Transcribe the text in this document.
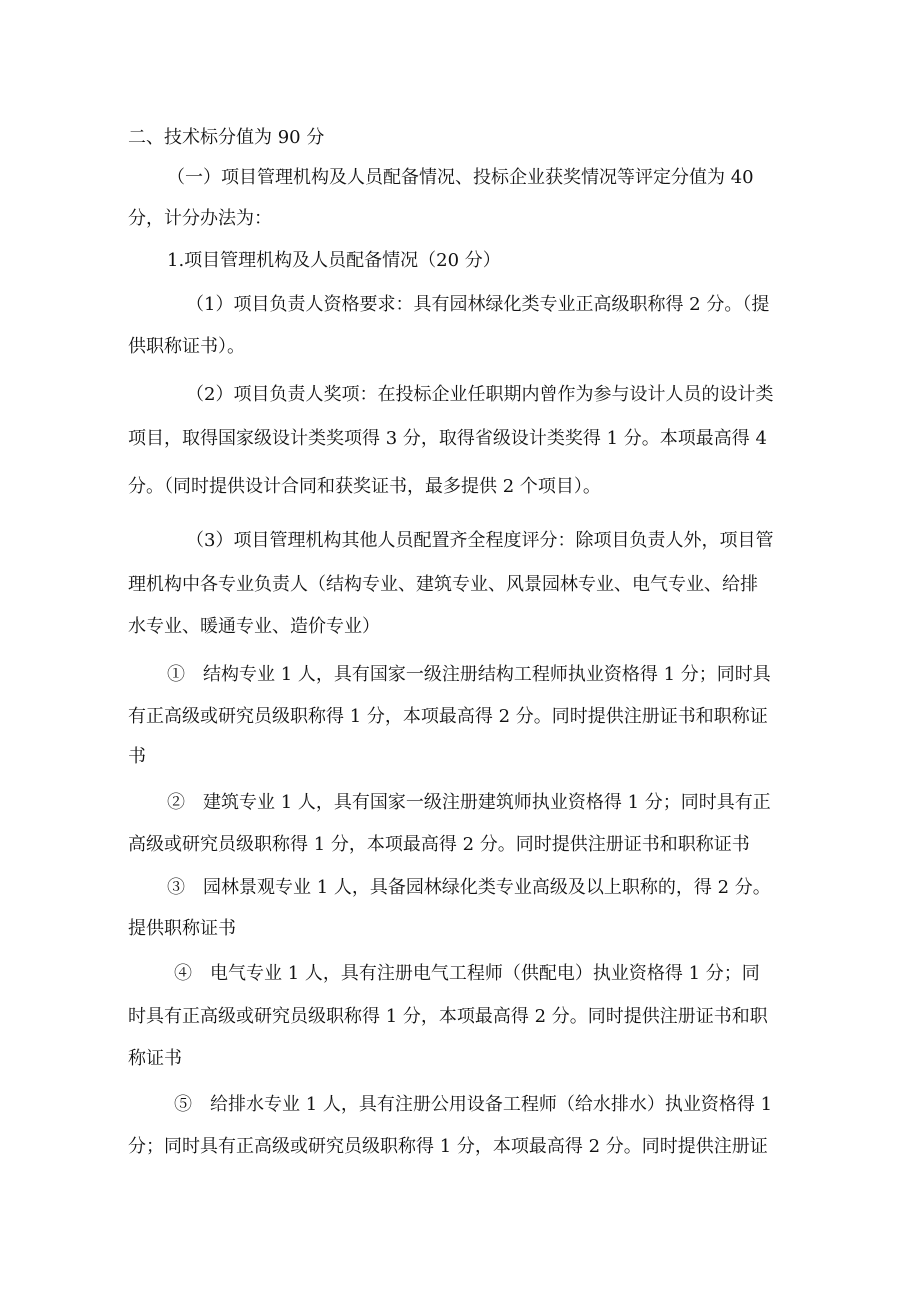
二、技术标分值为 90 分
（一）项目管理机构及人员配备情况、投标企业获奖情况等评定分值为 40
分，计分办法为：
1.项目管理机构及人员配备情况（20 分）
（1）项目负责人资格要求：具有园林绿化类专业正高级职称得 2 分。（提
供职称证书）。
（2）项目负责人奖项：在投标企业任职期内曾作为参与设计人员的设计类
项目，取得国家级设计类奖项得 3 分，取得省级设计类奖得 1 分。本项最高得 4
分。（同时提供设计合同和获奖证书，最多提供 2 个项目）。
（3）项目管理机构其他人员配置齐全程度评分：除项目负责人外，项目管
理机构中各专业负责人（结构专业、建筑专业、风景园林专业、电气专业、给排
水专业、暖通专业、造价专业）
①　结构专业 1 人，具有国家一级注册结构工程师执业资格得 1 分；同时具
有正高级或研究员级职称得 1 分，本项最高得 2 分。同时提供注册证书和职称证
书
②　建筑专业 1 人，具有国家一级注册建筑师执业资格得 1 分；同时具有正
高级或研究员级职称得 1 分，本项最高得 2 分。同时提供注册证书和职称证书
③　园林景观专业 1 人，具备园林绿化类专业高级及以上职称的，得 2 分。
提供职称证书
④　电气专业 1 人，具有注册电气工程师（供配电）执业资格得 1 分；同
时具有正高级或研究员级职称得 1 分，本项最高得 2 分。同时提供注册证书和职
称证书
⑤　给排水专业 1 人，具有注册公用设备工程师（给水排水）执业资格得 1
分；同时具有正高级或研究员级职称得 1 分，本项最高得 2 分。同时提供注册证
